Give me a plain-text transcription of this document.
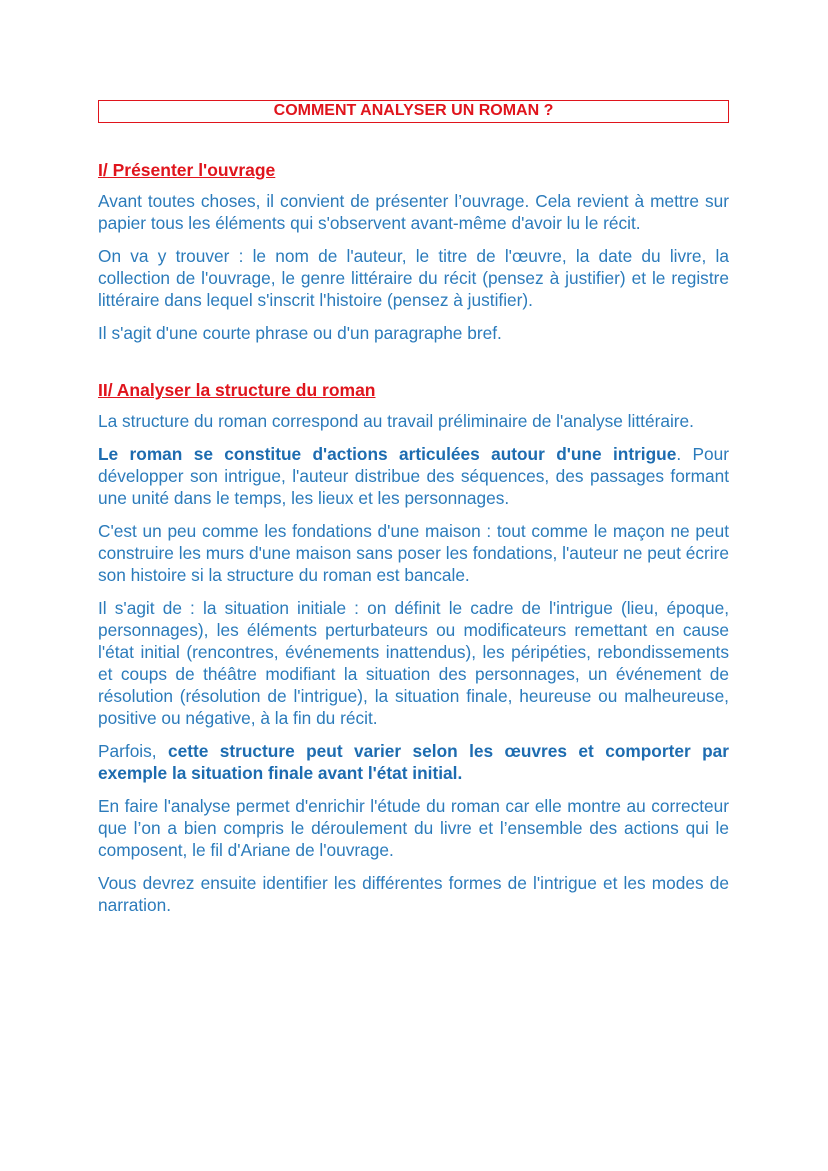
COMMENT ANALYSER UN ROMAN ?
I/ Présenter l'ouvrage

Avant toutes choses, il convient de présenter l’ouvrage. Cela revient à mettre sur papier tous les éléments qui s'observent avant-même d'avoir lu le récit.

On va y trouver : le nom de l'auteur, le titre de l'œuvre, la date du livre, la collection de l'ouvrage, le genre littéraire du récit (pensez à justifier) et le registre littéraire dans lequel s'inscrit l'histoire (pensez à justifier).

Il s'agit d'une courte phrase ou d'un paragraphe bref.

II/ Analyser la structure du roman

La structure du roman correspond au travail préliminaire de l'analyse littéraire.

Le roman se constitue d'actions articulées autour d'une intrigue. Pour développer son intrigue, l'auteur distribue des séquences, des passages formant une unité dans le temps, les lieux et les personnages.

C'est un peu comme les fondations d'une maison : tout comme le maçon ne peut construire les murs d'une maison sans poser les fondations, l'auteur ne peut écrire son histoire si la structure du roman est bancale.

Il s'agit de : la situation initiale : on définit le cadre de l'intrigue (lieu, époque, personnages), les éléments perturbateurs ou modificateurs remettant en cause l'état initial (rencontres, événements inattendus), les péripéties, rebondissements et coups de théâtre modifiant la situation des personnages, un événement de résolution (résolution de l'intrigue), la situation finale, heureuse ou malheureuse, positive ou négative, à la fin du récit.

Parfois, cette structure peut varier selon les œuvres et comporter par exemple la situation finale avant l'état initial.

En faire l'analyse permet d'enrichir l'étude du roman car elle montre au correcteur que l’on a bien compris le déroulement du livre et l’ensemble des actions qui le composent, le fil d'Ariane de l'ouvrage.

Vous devrez ensuite identifier les différentes formes de l'intrigue et les modes de narration.
